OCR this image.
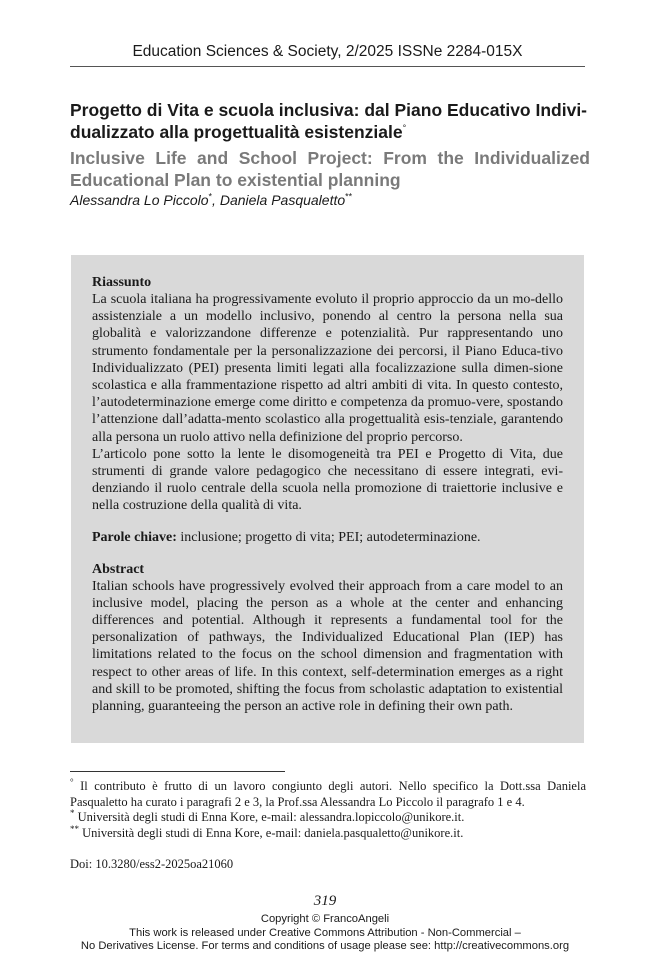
Education Sciences & Society, 2/2025 ISSNe 2284-015X
Progetto di Vita e scuola inclusiva: dal Piano Educativo Indivi-
dualizzato alla progettualità esistenziale°
Inclusive Life and School Project: From the Individualized Educational Plan to existential planning
Alessandra Lo Piccolo*, Daniela Pasqualetto**
Riassunto

La scuola italiana ha progressivamente evoluto il proprio approccio da un mo-dello assistenziale a un modello inclusivo, ponendo al centro la persona nella sua globalità e valorizzandone differenze e potenzialità. Pur rappresentando uno strumento fondamentale per la personalizzazione dei percorsi, il Piano Educa-tivo Individualizzato (PEI) presenta limiti legati alla focalizzazione sulla dimen-sione scolastica e alla frammentazione rispetto ad altri ambiti di vita. In questo contesto, l’autodeterminazione emerge come diritto e competenza da promuo-vere, spostando l’attenzione dall’adatta-mento scolastico alla progettualità esis-tenziale, garantendo alla persona un ruolo attivo nella definizione del proprio percorso.

L’articolo pone sotto la lente le disomogeneità tra PEI e Progetto di Vita, due strumenti di grande valore pedagogico che necessitano di essere integrati, evi-denziando il ruolo centrale della scuola nella promozione di traiettorie inclusive e nella costruzione della qualità di vita.

Parole chiave: inclusione; progetto di vita; PEI; autodeterminazione.
Abstract

Italian schools have progressively evolved their approach from a care model to an inclusive model, placing the person as a whole at the center and enhancing differences and potential. Although it represents a fundamental tool for the personalization of pathways, the Individualized Educational Plan (IEP) has limitations related to the focus on the school dimension and fragmentation with respect to other areas of life. In this context, self-determination emerges as a right and skill to be promoted, shifting the focus from scholastic adaptation to existential planning, guaranteeing the person an active role in defining their own path.

° Il contributo è frutto di un lavoro congiunto degli autori. Nello specifico la Dott.ssa Daniela Pasqualetto ha curato i paragrafi 2 e 3, la Prof.ssa Alessandra Lo Piccolo il paragrafo 1 e 4.

* Università degli studi di Enna Kore, e-mail: alessandra.lopiccolo@unikore.it.

** Università degli studi di Enna Kore, e-mail: daniela.pasqualetto@unikore.it.

Doi: 10.3280/ess2-2025oa21060
319
Copyright © FrancoAngeli
This work is released under Creative Commons Attribution - Non-Commercial –
No Derivatives License. For terms and conditions of usage please see: http://creativecommons.org
